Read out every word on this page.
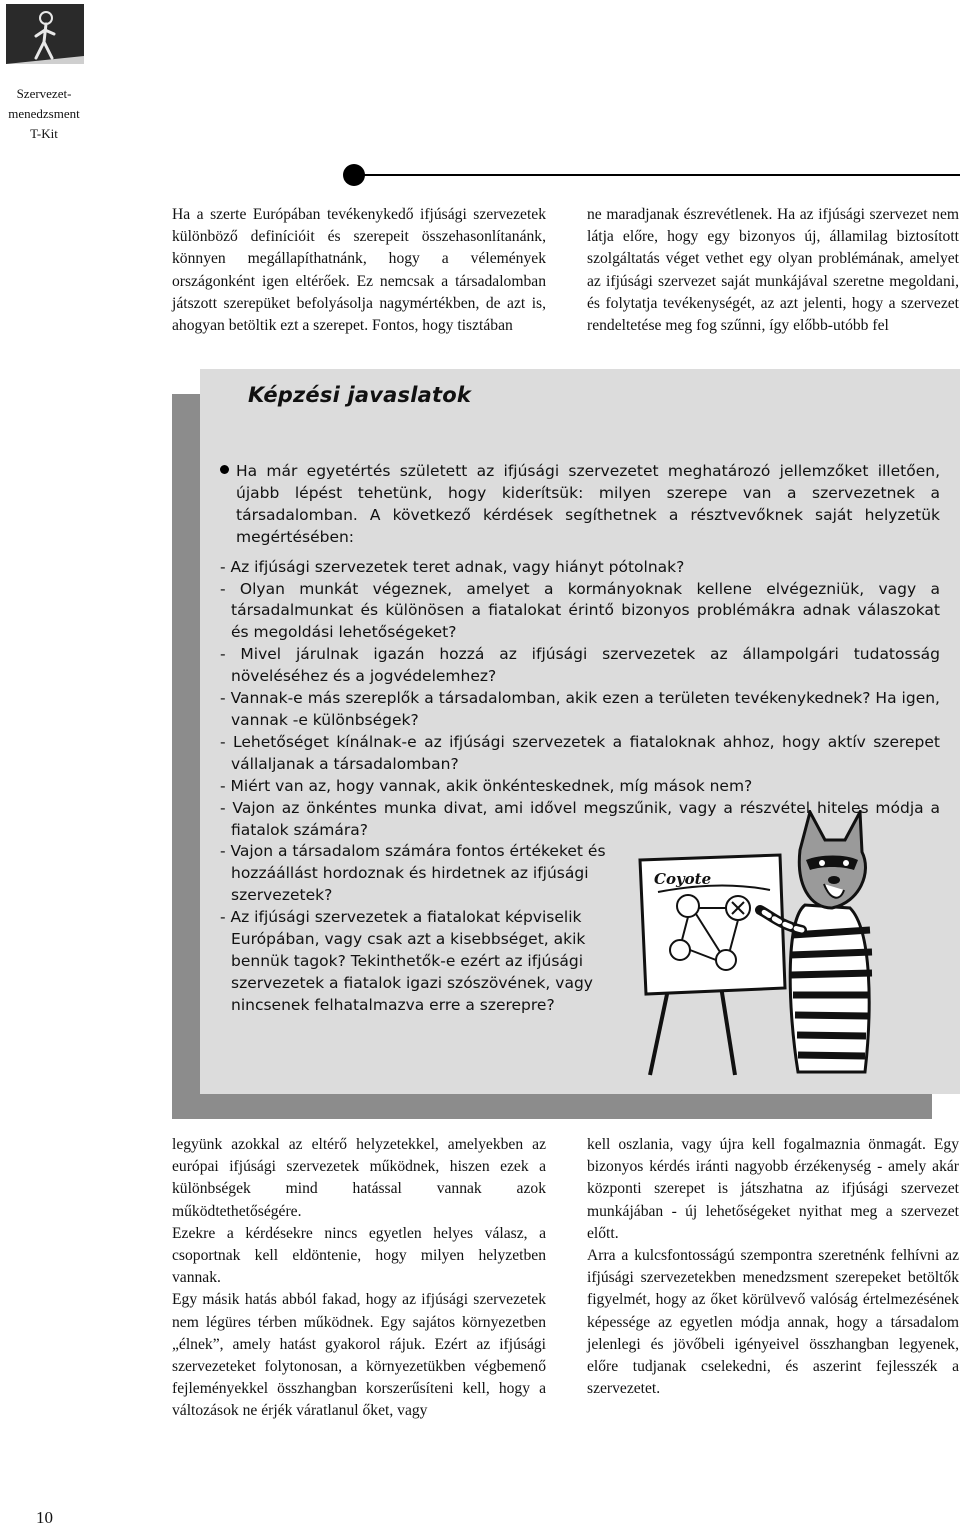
Szervezet-
menedzsment
T-Kit

Ha a szerte Európában tevékenykedő ifjúsági szervezetek különböző definícióit és szerepeit összehasonlítanánk, könnyen megállapíthatnánk, hogy a vélemények országonként igen eltérőek. Ez nemcsak a társadalomban játszott szerepüket befolyásolja nagymértékben, de azt is, ahogyan betöltik ezt a szerepet. Fontos, hogy tisztában

ne maradjanak észrevétlenek. Ha az ifjúsági szervezet nem látja előre, hogy egy bizonyos új, államilag biztosított szolgáltatás véget vethet egy olyan problémának, amelyet az ifjúsági szervezet saját munkájával szeretne megoldani, és folytatja tevékenységét, az azt jelenti, hogy a szervezet rendeltetése meg fog szűnni, így előbb-utóbb fel

Képzési javaslatok
Ha már egyetértés született az ifjúsági szervezetet meghatározó jellemzőket illetően, újabb lépést tehetünk, hogy kiderítsük: milyen szerepe van a szervezetnek a társadalomban. A következő kérdések segíthetnek a résztvevőknek saját helyzetük megértésében:
- Az ifjúsági szervezetek teret adnak, vagy hiányt pótolnak?
- Olyan munkát végeznek, amelyet a kormányoknak kellene elvégezniük, vagy a társadalmunkat és különösen a fiatalokat érintő bizonyos problémákra adnak válaszokat és megoldási lehetőségeket?
- Mivel járulnak igazán hozzá az ifjúsági szervezetek az állampolgári tudatosság növeléséhez és a jogvédelemhez?
- Vannak-e más szereplők a társadalomban, akik ezen a területen tevékenykednek? Ha igen, vannak -e különbségek?
- Lehetőséget kínálnak-e az ifjúsági szervezetek a fiataloknak ahhoz, hogy aktív szerepet vállaljanak a társadalomban?
- Miért van az, hogy vannak, akik önkénteskednek, míg mások nem?
- Vajon az önkéntes munka divat, ami idővel megszűnik, vagy a részvétel hiteles módja a fiatalok számára?
- Vajon a társadalom számára fontos értékeket és hozzáállást hordoznak és hirdetnek az ifjúsági szervezetek?
- Az ifjúsági szervezetek a fiatalokat képviselik Európában, vagy csak azt a kisebbséget, akik bennük tagok? Tekinthetők-e ezért az ifjúsági szervezetek a fiatalok igazi szószövének, vagy nincsenek felhatalmazva erre a szerepre?
Coyote

legyünk azokkal az eltérő helyzetekkel, amelyekben az európai ifjúsági szervezetek működnek, hiszen ezek a különbségek mind hatással vannak azok működtethetőségére.

Ezekre a kérdésekre nincs egyetlen helyes válasz, a csoportnak kell eldöntenie, hogy milyen helyzetben vannak.

Egy másik hatás abból fakad, hogy az ifjúsági szervezetek nem légüres térben működnek. Egy sajátos környezetben „élnek”, amely hatást gyakorol rájuk. Ezért az ifjúsági szervezeteket folytonosan, a környezetükben végbemenő fejleményekkel összhangban korszerűsíteni kell, hogy a változások ne érjék váratlanul őket, vagy

kell oszlania, vagy újra kell fogalmaznia önmagát. Egy bizonyos kérdés iránti nagyobb érzékenység - amely akár központi szerepet is játszhatna az ifjúsági szervezet munkájában - új lehetőségeket nyithat meg a szervezet előtt.

Arra a kulcsfontosságú szempontra szeretnénk felhívni az ifjúsági szervezetekben menedzsment szerepeket betöltők figyelmét, hogy az őket körülvevő valóság értelmezésének képessége az egyetlen módja annak, hogy a társadalom jelenlegi és jövőbeli igényeivel összhangban legyenek, előre tudjanak cselekedni, és aszerint fejlesszék a szervezetet.

10
